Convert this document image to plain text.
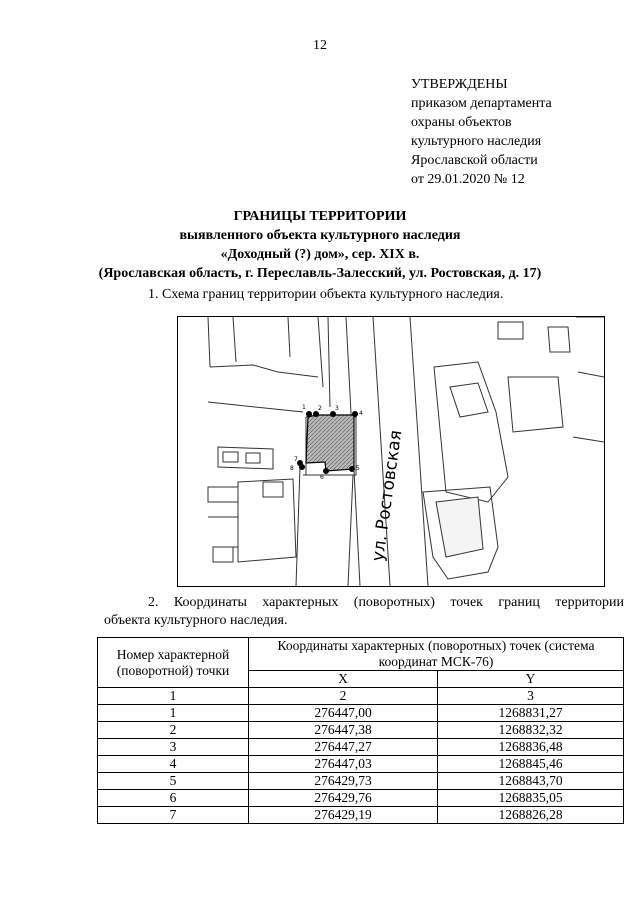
12
УТВЕРЖДЕНЫ
приказом департамента
охраны объектов
культурного наследия
Ярославской области
от 29.01.2020 № 12
ГРАНИЦЫ ТЕРРИТОРИИ
выявленного объекта культурного наследия
«Доходный (?) дом», сер. XIX в.
(Ярославская область, г. Переславль-Залесский, ул. Ростовская, д. 17)
1. Схема границ территории объекта культурного наследия.
1 2 3
4
5
6
7
8	ул. Ростовская
2. Координаты характерных (поворотных) точек границ территории
объекта культурного наследия.
Номер характерной (поворотной) точки	Координаты характерных (поворотных) точек (система координат МСК-76)	
	X	Y
1	2	3
1	276447,00	1268831,27
2	276447,38	1268832,32
3	276447,27	1268836,48
4	276447,03	1268845,46
5	276429,73	1268843,70
6	276429,76	1268835,05
7	276429,19	1268826,28
